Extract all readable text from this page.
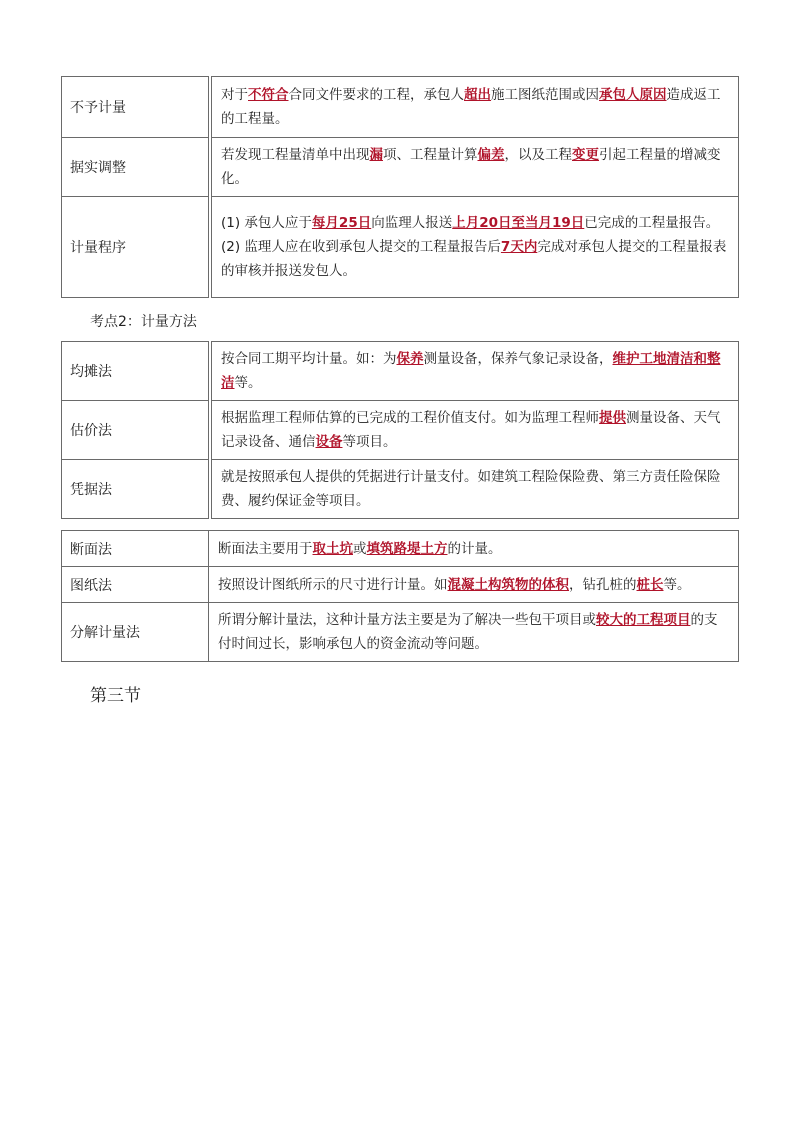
不予计量	对于不符合合同文件要求的工程，承包人超出施工图纸范围或因承包人原因造成返工的工程量。
据实调整	若发现工程量清单中出现漏项、工程量计算偏差，以及工程变更引起工程量的增减变化。
计量程序	(1) 承包人应于每月25日向监理人报送上月20日至当月19日已完成的工程量报告。
(2) 监理人应在收到承包人提交的工程量报告后7天内完成对承包人提交的工程量报表的审核并报送发包人。
考点2：计量方法
均摊法	按合同工期平均计量。如：为保养测量设备，保养气象记录设备，维护工地清洁和整洁等。
估价法	根据监理工程师估算的已完成的工程价值支付。如为监理工程师提供测量设备、天气记录设备、通信设备等项目。
凭据法	就是按照承包人提供的凭据进行计量支付。如建筑工程险保险费、第三方责任险保险费、履约保证金等项目。
断面法	断面法主要用于取土坑或填筑路堤土方的计量。
图纸法	按照设计图纸所示的尺寸进行计量。如混凝土构筑物的体积，钻孔桩的桩长等。
分解计量法	所谓分解计量法，这种计量方法主要是为了解决一些包干项目或较大的工程项目的支付时间过长，影响承包人的资金流动等问题。
第三节
